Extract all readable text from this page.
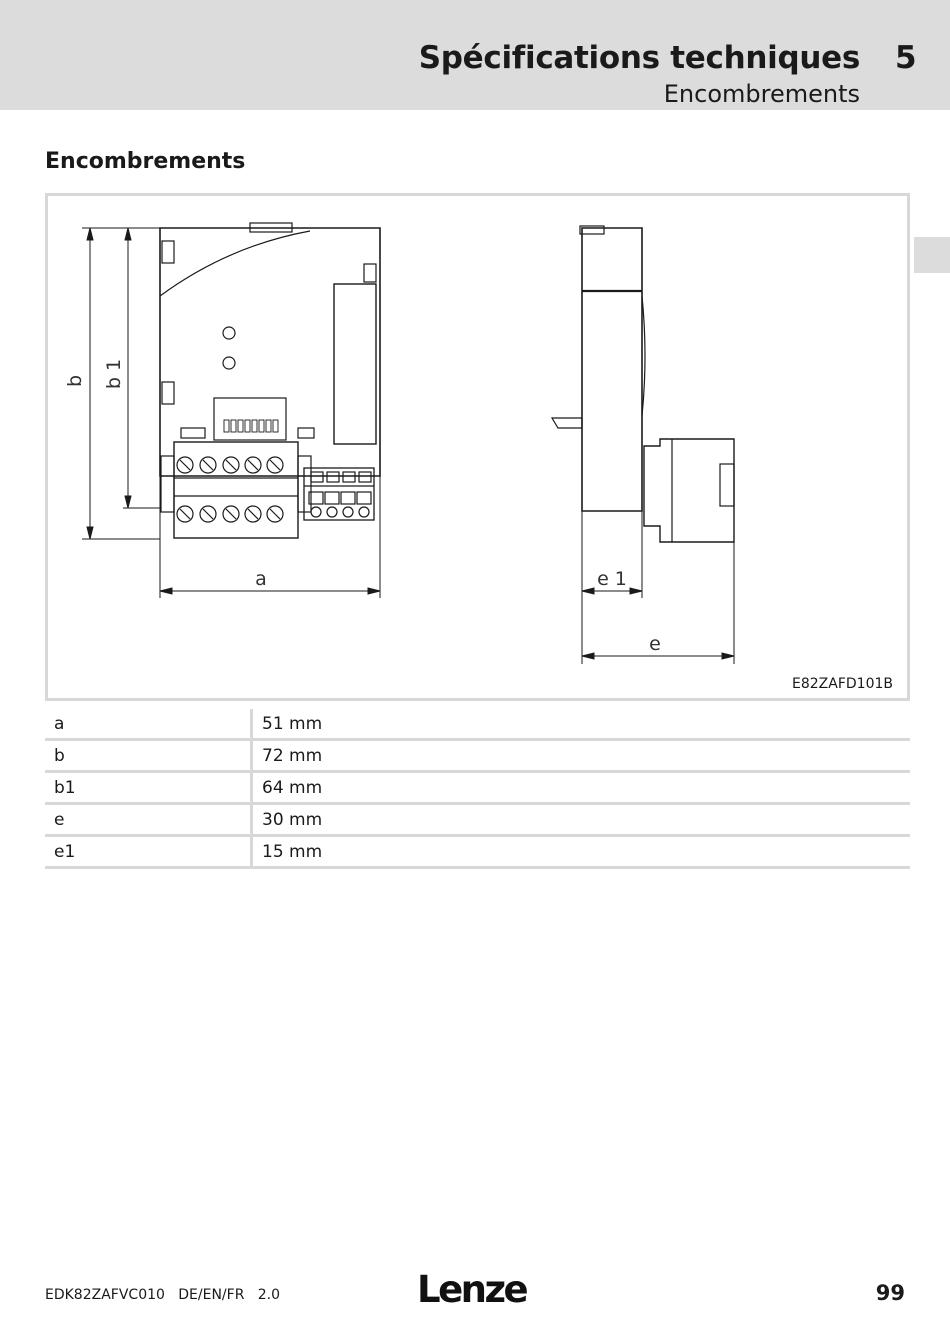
Spécifications techniques 5
Encombrements
Encombrements
b b 1
a	e 1
e
E82ZAFD101B
a	51 mm
b	72 mm
b1	64 mm
e	30 mm
e1	15 mm
EDK82ZAFVC010   DE/EN/FR   2.0	Lenze	99
